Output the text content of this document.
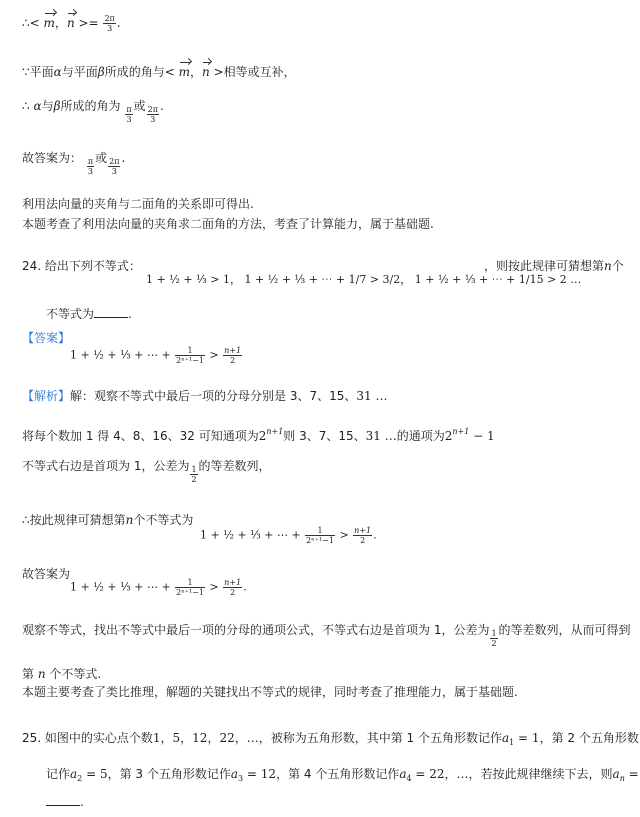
∴< m，$n >= \frac{2\pi}{3}$ .
∵平面α与平面β所成的角与< m，n >相等或互补，
∴ α与β所成的角为 $\frac{\pi}{3}$ 或 $\frac{2\pi}{3}$ .
故答案为： $\frac{\pi}{3}$ 或 $\frac{2\pi}{3}$ .
利用法向量的夹角与二面角的关系即可得出.
本题考查了利用法向量的夹角求二面角的方法，考查了计算能力，属于基础题.
24. 给出下列不等式：
1 + ½ + ⅓ > 1， 1 + ½ + ⅓ + ⋯ + 1/7 > 3/2， 1 + ½ + ⅓ + ⋯ + 1/15 > 2 …
，则按此规律可猜想第n个
不等式为	.
【答案】
1 + ½ + ⅓ + ⋯ + $\frac{1}{\text{2ⁿ⁺¹−1}} > \frac{n+1}{2}$
【解析】解：观察不等式中最后一项的分母分别是 3、7、15、31 …
将每个数加 1 得 4、8、16、32 可知通项为$2^{n+1}$则 3、7、15、31 …的通项为$2^{n+1} - 1$
不等式右边是首项为 1，公差为 $\frac{1}{2}$ 的等差数列，
∴按此规律可猜想第n个不等式为
1 + ½ + ⅓ + ⋯ + $\frac{1}{\text{2ⁿ⁺¹−1}} > \frac{n+1}{2}$ .
故答案为
1 + ½ + ⅓ + ⋯ + $\frac{1}{\text{2ⁿ⁺¹−1}} > \frac{n+1}{2}$ .
观察不等式，找出不等式中最后一项的分母的通项公式，不等式右边是首项为 1，公差为 $\frac{1}{2}$ 的等差数列，从而可得到
第 n 个不等式.
本题主要考查了类比推理，解题的关键找出不等式的规律，同时考查了推理能力，属于基础题.
25. 如图中的实心点个数1，5，12，22，…，被称为五角形数，其中第 1 个五角形数记作$a_1 = 1$，第 2 个五角形数
记作$a_2 = 5$，第 3 个五角形数记作$a_3 = 12$，第 4 个五角形数记作$a_4 = 22$，…，若按此规律继续下去，则$a_n$ =
.
